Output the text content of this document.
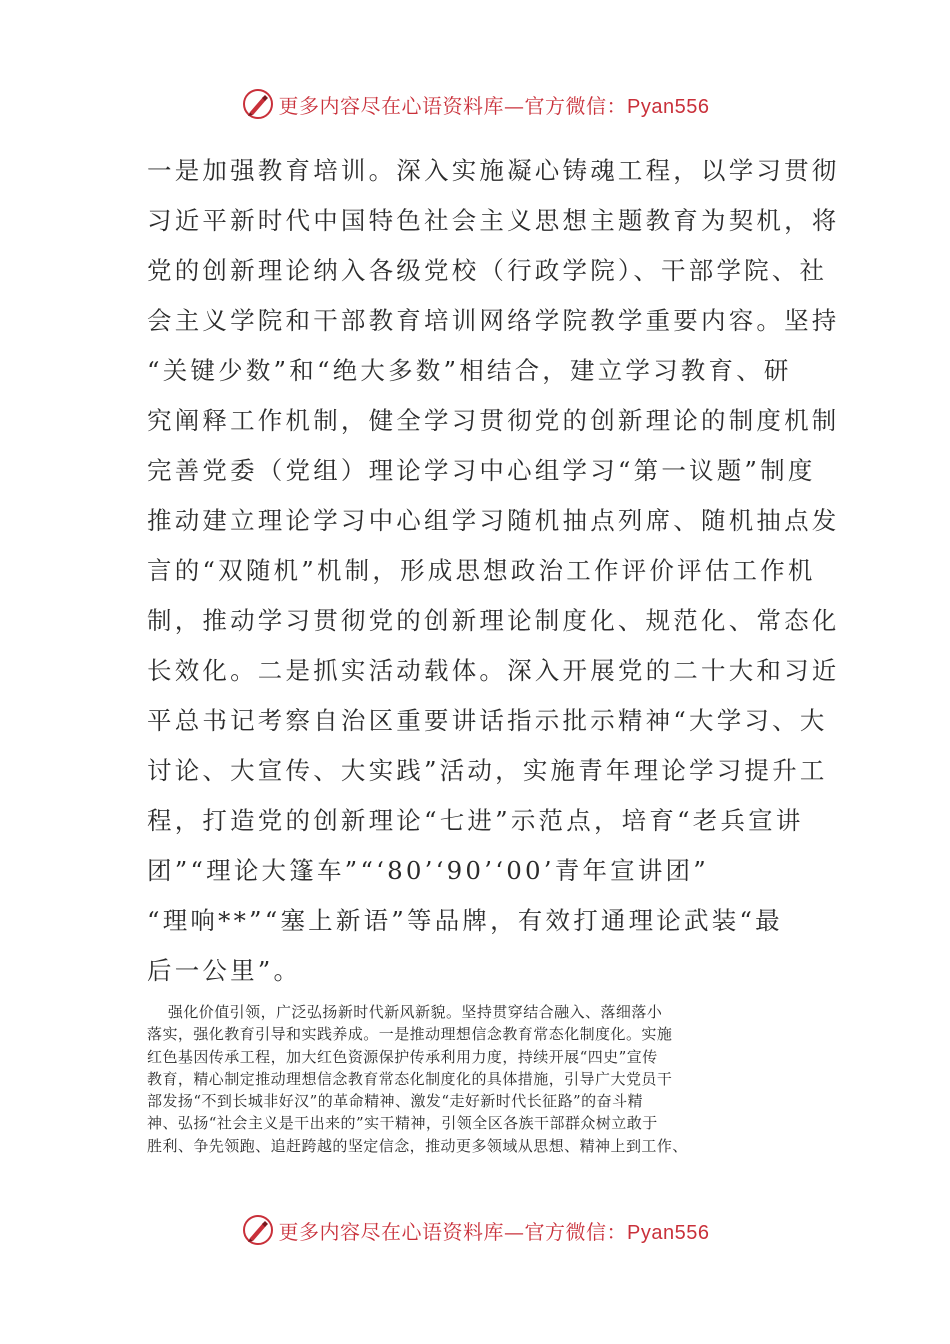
更多内容尽在心语资料库—官方微信：Pyan556
一是加强教育培训。深入实施凝心铸魂工程，以学习贯彻
习近平新时代中国特色社会主义思想主题教育为契机，将
党的创新理论纳入各级党校（行政学院）、干部学院、社
会主义学院和干部教育培训网络学院教学重要内容。坚持
“关键少数”和“绝大多数”相结合，建立学习教育、研
究阐释工作机制，健全学习贯彻党的创新理论的制度机制
完善党委（党组）理论学习中心组学习“第一议题”制度
推动建立理论学习中心组学习随机抽点列席、随机抽点发
言的“双随机”机制，形成思想政治工作评价评估工作机
制，推动学习贯彻党的创新理论制度化、规范化、常态化
长效化。二是抓实活动载体。深入开展党的二十大和习近
平总书记考察自治区重要讲话指示批示精神“大学习、大
讨论、大宣传、大实践”活动，实施青年理论学习提升工
程，打造党的创新理论“七进”示范点，培育“老兵宣讲
团”“理论大篷车”“‘80’‘90’‘00’青年宣讲团”
“理响**”“塞上新语”等品牌，有效打通理论武装“最
后一公里”。
强化价值引领，广泛弘扬新时代新风新貌。坚持贯穿结合融入、落细落小
落实，强化教育引导和实践养成。一是推动理想信念教育常态化制度化。实施
红色基因传承工程，加大红色资源保护传承利用力度，持续开展“四史”宣传
教育，精心制定推动理想信念教育常态化制度化的具体措施，引导广大党员干
部发扬“不到长城非好汉”的革命精神、激发“走好新时代长征路”的奋斗精
神、弘扬“社会主义是干出来的”实干精神，引领全区各族干部群众树立敢于
胜利、争先领跑、追赶跨越的坚定信念，推动更多领域从思想、精神上到工作、
更多内容尽在心语资料库—官方微信：Pyan556
